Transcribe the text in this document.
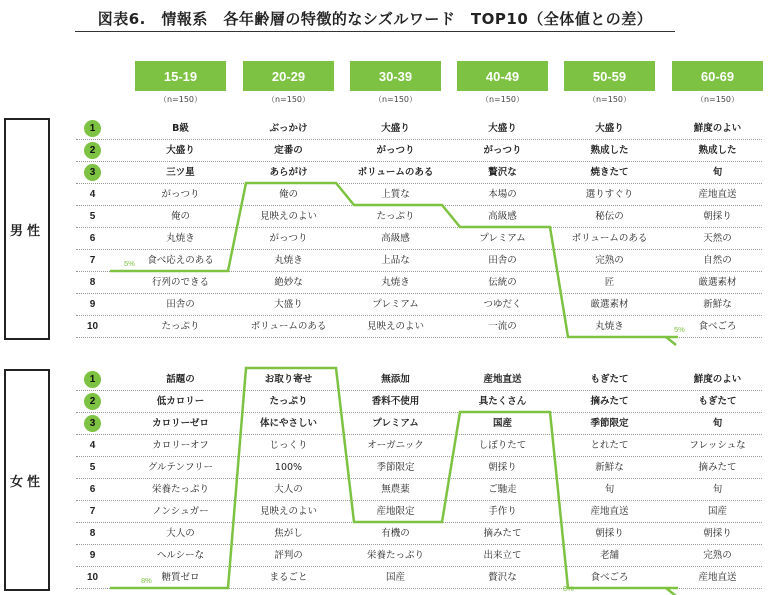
図表6.　情報系　各年齢層の特徴的なシズルワード　TOP10（全体値との差）
15-19
（n=150）
20-29
（n=150）
30-39
（n=150）
40-49
（n=150）
50-59
（n=150）
60-69
（n=150）
男性
1	B級	ぶっかけ	大盛り	大盛り	大盛り	鮮度のよい
2	大盛り	定番の	がっつり	がっつり	熟成した	熟成した
3	三ツ星	あらがけ	ボリュームのある	贅沢な	焼きたて	旬
4	がっつり	俺の	上質な	本場の	選りすぐり	産地直送
5	俺の	見映えのよい	たっぷり	高級感	秘伝の	朝採り
6	丸焼き	がっつり	高級感	プレミアム	ボリュームのある	天然の
7	食べ応えのある	丸焼き	上品な	田舎の	完熟の	自然の
8	行列のできる	絶妙な	丸焼き	伝統の	匠	厳選素材
9	田舎の	大盛り	プレミアム	つゆだく	厳選素材	新鮮な
10	たっぷり	ボリュームのある	見映えのよい	一流の	丸焼き	食べごろ
5%
5%
女性
1	話題の	お取り寄せ	無添加	産地直送	もぎたて	鮮度のよい
2	低カロリー	たっぷり	香料不使用	具たくさん	摘みたて	もぎたて
3	カロリーゼロ	体にやさしい	プレミアム	国産	季節限定	旬
4	カロリーオフ	じっくり	オーガニック	しぼりたて	とれたて	フレッシュな
5	グルテンフリー	100%	季節限定	朝採り	新鮮な	摘みたて
6	栄養たっぷり	大人の	無農薬	ご馳走	旬	旬
7	ノンシュガー	見映えのよい	産地限定	手作り	産地直送	国産
8	大人の	焦がし	有機の	摘みたて	朝採り	朝採り
9	ヘルシーな	評判の	栄養たっぷり	出来立て	老舗	完熟の
10	糖質ゼロ	まるごと	国産	贅沢な	食べごろ	産地直送
8%
8%
